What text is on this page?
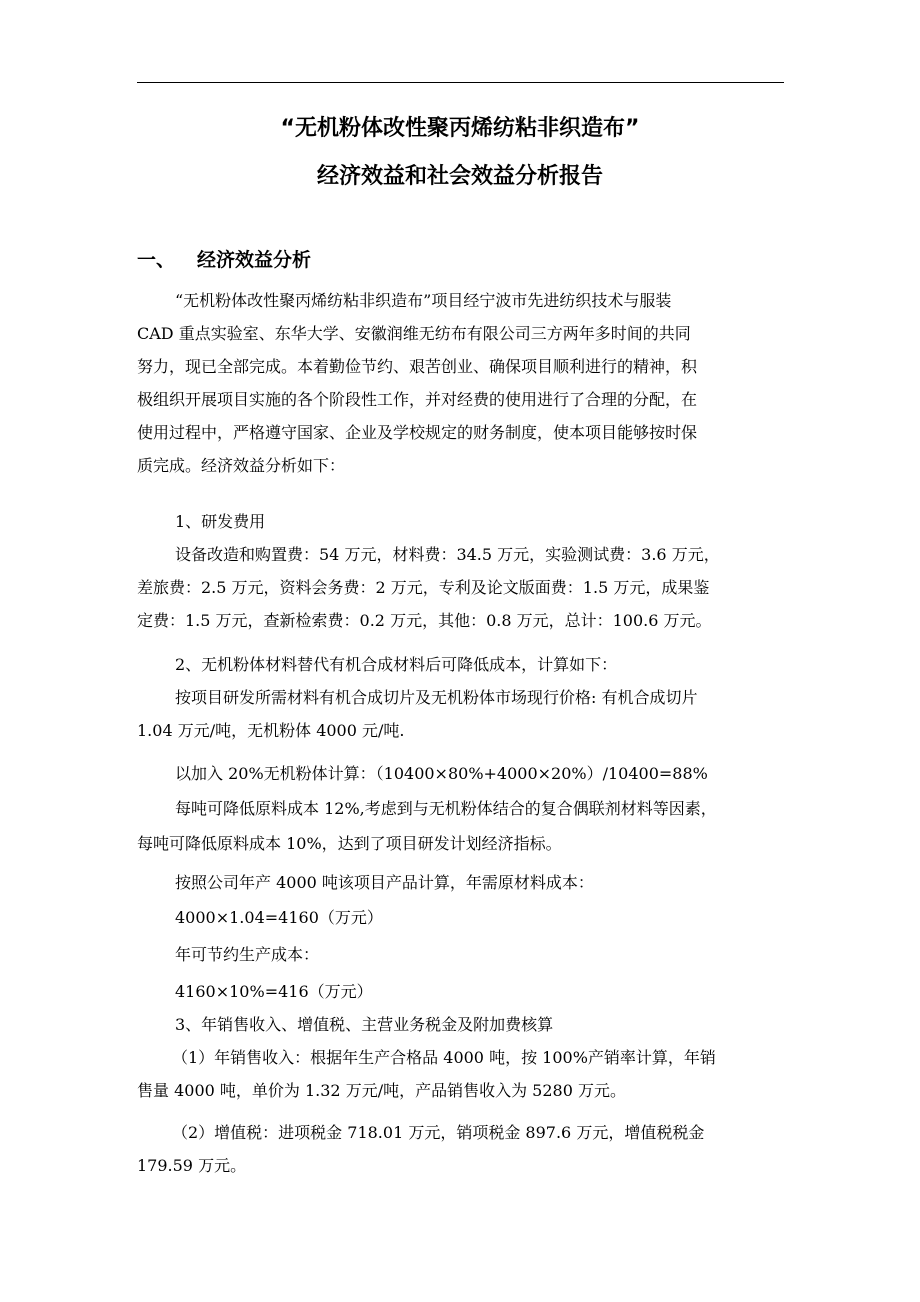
“无机粉体改性聚丙烯纺粘非织造布”
经济效益和社会效益分析报告
一、 经济效益分析
“无机粉体改性聚丙烯纺粘非织造布”项目经宁波市先进纺织技术与服装
CAD 重点实验室、东华大学、安徽润维无纺布有限公司三方两年多时间的共同
努力，现已全部完成。本着勤俭节约、艰苦创业、确保项目顺利进行的精神，积
极组织开展项目实施的各个阶段性工作，并对经费的使用进行了合理的分配，在
使用过程中，严格遵守国家、企业及学校规定的财务制度，使本项目能够按时保
质完成。经济效益分析如下：
1、研发费用
设备改造和购置费：54 万元，材料费：34.5 万元，实验测试费：3.6 万元，
差旅费：2.5 万元，资料会务费：2 万元，专利及论文版面费：1.5 万元，成果鉴
定费：1.5 万元，查新检索费：0.2 万元，其他：0.8 万元，总计：100.6 万元。
2、无机粉体材料替代有机合成材料后可降低成本，计算如下：
按项目研发所需材料有机合成切片及无机粉体市场现行价格: 有机合成切片
1.04 万元/吨，无机粉体 4000 元/吨.
以加入 20%无机粉体计算：（10400×80%+4000×20%）/10400=88%
每吨可降低原料成本 12%,考虑到与无机粉体结合的复合偶联剂材料等因素，
每吨可降低原料成本 10%，达到了项目研发计划经济指标。
按照公司年产 4000 吨该项目产品计算，年需原材料成本：
4000×1.04=4160（万元）
年可节约生产成本：
4160×10%=416（万元）
3、年销售收入、增值税、主营业务税金及附加费核算
（1）年销售收入：根据年生产合格品 4000 吨，按 100%产销率计算，年销
售量 4000 吨，单价为 1.32 万元/吨，产品销售收入为 5280 万元。
（2）增值税：进项税金 718.01 万元，销项税金 897.6 万元，增值税税金
179.59 万元。
